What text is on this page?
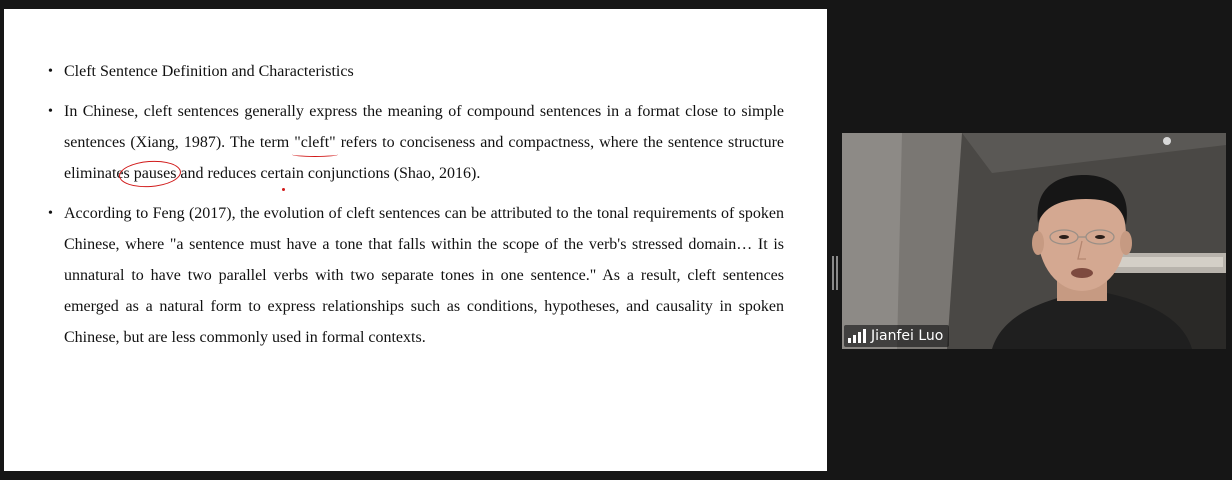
• Cleft Sentence Definition and Characteristics
• In Chinese, cleft sentences generally express the meaning of compound sentences in a format close to simple sentences (Xiang, 1987). The term "cleft" refers to conciseness and compactness, where the sentence structure eliminates pauses and reduces certain conjunctions (Shao, 2016).
• According to Feng (2017), the evolution of cleft sentences can be attributed to the tonal requirements of spoken Chinese, where "a sentence must have a tone that falls within the scope of the verb's stressed domain… It is unnatural to have two parallel verbs with two separate tones in one sentence." As a result, cleft sentences emerged as a natural form to express relationships such as conditions, hypotheses, and causality in spoken Chinese, but are less commonly used in formal contexts.	Jianfei Luo
